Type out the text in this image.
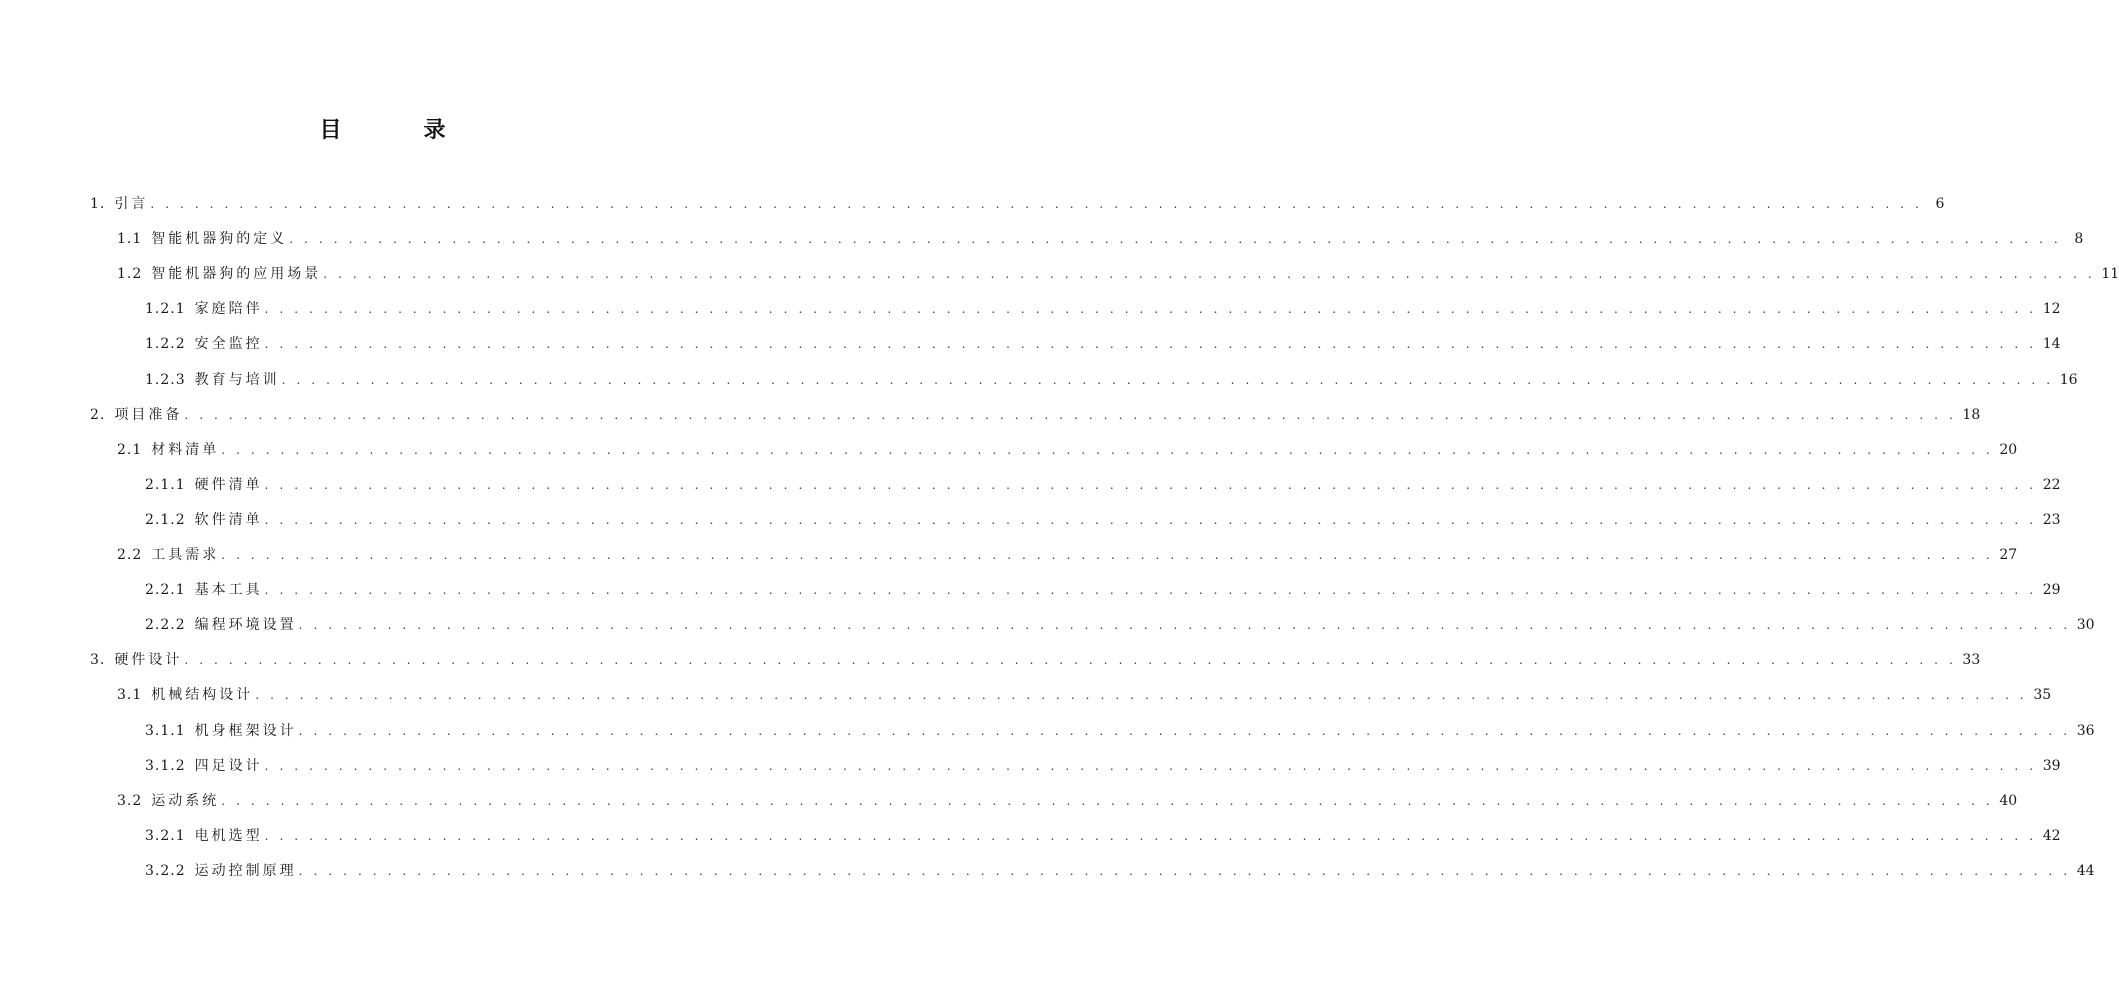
目　录
1. 引言 . . . . . . . . . . . . . . . . . . . . . . . . . . . . . . . . . . . . . . . . . . . . . . . . . . . . . . . . . . . . . . . . . . . . . . . . . . . . . . . . . . . . . . . . . . . . . . . . . . . . . . . . . . . . . . . . . . . . . . . . 6
1.1 智能机器狗的定义 . . . . . . . . . . . . . . . . . . . . . . . . . . . . . . . . . . . . . . . . . . . . . . . . . . . . . . . . . . . . . . . . . . . . . . . . . . . . . . . . . . . . . . . . . . . . . . . . . . . . . . . . . . . . . . . . . . . . . . . . 8
1.2 智能机器狗的应用场景 . . . . . . . . . . . . . . . . . . . . . . . . . . . . . . . . . . . . . . . . . . . . . . . . . . . . . . . . . . . . . . . . . . . . . . . . . . . . . . . . . . . . . . . . . . . . . . . . . . . . . . . . . . . . . . . . . . . . . . . . 11
1.2.1 家庭陪伴 . . . . . . . . . . . . . . . . . . . . . . . . . . . . . . . . . . . . . . . . . . . . . . . . . . . . . . . . . . . . . . . . . . . . . . . . . . . . . . . . . . . . . . . . . . . . . . . . . . . . . . . . . . . . . . . . . . . . . . . . 12
1.2.2 安全监控 . . . . . . . . . . . . . . . . . . . . . . . . . . . . . . . . . . . . . . . . . . . . . . . . . . . . . . . . . . . . . . . . . . . . . . . . . . . . . . . . . . . . . . . . . . . . . . . . . . . . . . . . . . . . . . . . . . . . . . . . 14
1.2.3 教育与培训 . . . . . . . . . . . . . . . . . . . . . . . . . . . . . . . . . . . . . . . . . . . . . . . . . . . . . . . . . . . . . . . . . . . . . . . . . . . . . . . . . . . . . . . . . . . . . . . . . . . . . . . . . . . . . . . . . . . . . . . . 16
2. 项目准备 . . . . . . . . . . . . . . . . . . . . . . . . . . . . . . . . . . . . . . . . . . . . . . . . . . . . . . . . . . . . . . . . . . . . . . . . . . . . . . . . . . . . . . . . . . . . . . . . . . . . . . . . . . . . . . . . . . . . . . . . 18
2.1 材料清单 . . . . . . . . . . . . . . . . . . . . . . . . . . . . . . . . . . . . . . . . . . . . . . . . . . . . . . . . . . . . . . . . . . . . . . . . . . . . . . . . . . . . . . . . . . . . . . . . . . . . . . . . . . . . . . . . . . . . . . . . 20
2.1.1 硬件清单 . . . . . . . . . . . . . . . . . . . . . . . . . . . . . . . . . . . . . . . . . . . . . . . . . . . . . . . . . . . . . . . . . . . . . . . . . . . . . . . . . . . . . . . . . . . . . . . . . . . . . . . . . . . . . . . . . . . . . . . . 22
2.1.2 软件清单 . . . . . . . . . . . . . . . . . . . . . . . . . . . . . . . . . . . . . . . . . . . . . . . . . . . . . . . . . . . . . . . . . . . . . . . . . . . . . . . . . . . . . . . . . . . . . . . . . . . . . . . . . . . . . . . . . . . . . . . . 23
2.2 工具需求 . . . . . . . . . . . . . . . . . . . . . . . . . . . . . . . . . . . . . . . . . . . . . . . . . . . . . . . . . . . . . . . . . . . . . . . . . . . . . . . . . . . . . . . . . . . . . . . . . . . . . . . . . . . . . . . . . . . . . . . . 27
2.2.1 基本工具 . . . . . . . . . . . . . . . . . . . . . . . . . . . . . . . . . . . . . . . . . . . . . . . . . . . . . . . . . . . . . . . . . . . . . . . . . . . . . . . . . . . . . . . . . . . . . . . . . . . . . . . . . . . . . . . . . . . . . . . . 29
2.2.2 编程环境设置 . . . . . . . . . . . . . . . . . . . . . . . . . . . . . . . . . . . . . . . . . . . . . . . . . . . . . . . . . . . . . . . . . . . . . . . . . . . . . . . . . . . . . . . . . . . . . . . . . . . . . . . . . . . . . . . . . . . . . . . . 30
3. 硬件设计 . . . . . . . . . . . . . . . . . . . . . . . . . . . . . . . . . . . . . . . . . . . . . . . . . . . . . . . . . . . . . . . . . . . . . . . . . . . . . . . . . . . . . . . . . . . . . . . . . . . . . . . . . . . . . . . . . . . . . . . . 33
3.1 机械结构设计 . . . . . . . . . . . . . . . . . . . . . . . . . . . . . . . . . . . . . . . . . . . . . . . . . . . . . . . . . . . . . . . . . . . . . . . . . . . . . . . . . . . . . . . . . . . . . . . . . . . . . . . . . . . . . . . . . . . . . . . . 35
3.1.1 机身框架设计 . . . . . . . . . . . . . . . . . . . . . . . . . . . . . . . . . . . . . . . . . . . . . . . . . . . . . . . . . . . . . . . . . . . . . . . . . . . . . . . . . . . . . . . . . . . . . . . . . . . . . . . . . . . . . . . . . . . . . . . . 36
3.1.2 四足设计 . . . . . . . . . . . . . . . . . . . . . . . . . . . . . . . . . . . . . . . . . . . . . . . . . . . . . . . . . . . . . . . . . . . . . . . . . . . . . . . . . . . . . . . . . . . . . . . . . . . . . . . . . . . . . . . . . . . . . . . . 39
3.2 运动系统 . . . . . . . . . . . . . . . . . . . . . . . . . . . . . . . . . . . . . . . . . . . . . . . . . . . . . . . . . . . . . . . . . . . . . . . . . . . . . . . . . . . . . . . . . . . . . . . . . . . . . . . . . . . . . . . . . . . . . . . . 40
3.2.1 电机选型 . . . . . . . . . . . . . . . . . . . . . . . . . . . . . . . . . . . . . . . . . . . . . . . . . . . . . . . . . . . . . . . . . . . . . . . . . . . . . . . . . . . . . . . . . . . . . . . . . . . . . . . . . . . . . . . . . . . . . . . . 42
3.2.2 运动控制原理 . . . . . . . . . . . . . . . . . . . . . . . . . . . . . . . . . . . . . . . . . . . . . . . . . . . . . . . . . . . . . . . . . . . . . . . . . . . . . . . . . . . . . . . . . . . . . . . . . . . . . . . . . . . . . . . . . . . . . . . . 44
